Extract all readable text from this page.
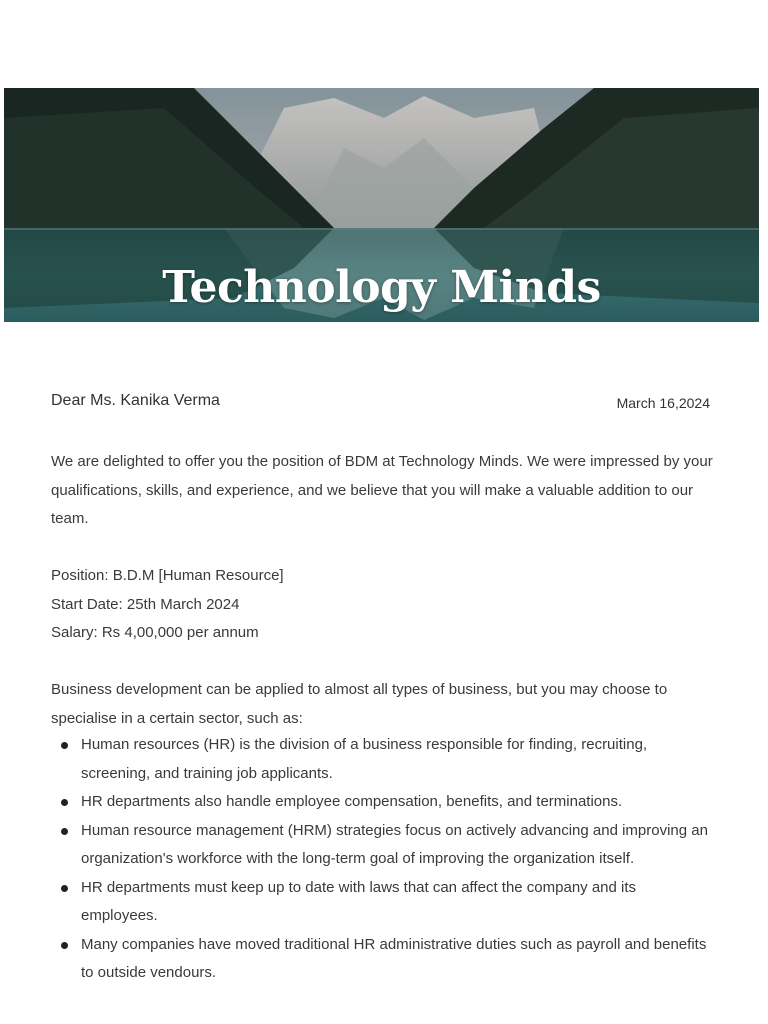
Technology Minds
Dear Ms. Kanika Verma	March 16,2024

We are delighted to offer you the position of BDM at Technology Minds. We were impressed by your qualifications, skills, and experience, and we believe that you will make a valuable addition to our team.

Position: B.D.M [Human Resource]
Start Date: 25th March 2024
Salary: Rs 4,00,000 per annum

Business development can be applied to almost all types of business, but you may choose to specialise in a certain sector, such as:

Human resources (HR) is the division of a business responsible for finding, recruiting, screening, and training job applicants.
HR departments also handle employee compensation, benefits, and terminations.
Human resource management (HRM) strategies focus on actively advancing and improving an organization's workforce with the long-term goal of improving the organization itself.
HR departments must keep up to date with laws that can affect the company and its employees.
Many companies have moved traditional HR administrative duties such as payroll and benefits to outside vendours.
